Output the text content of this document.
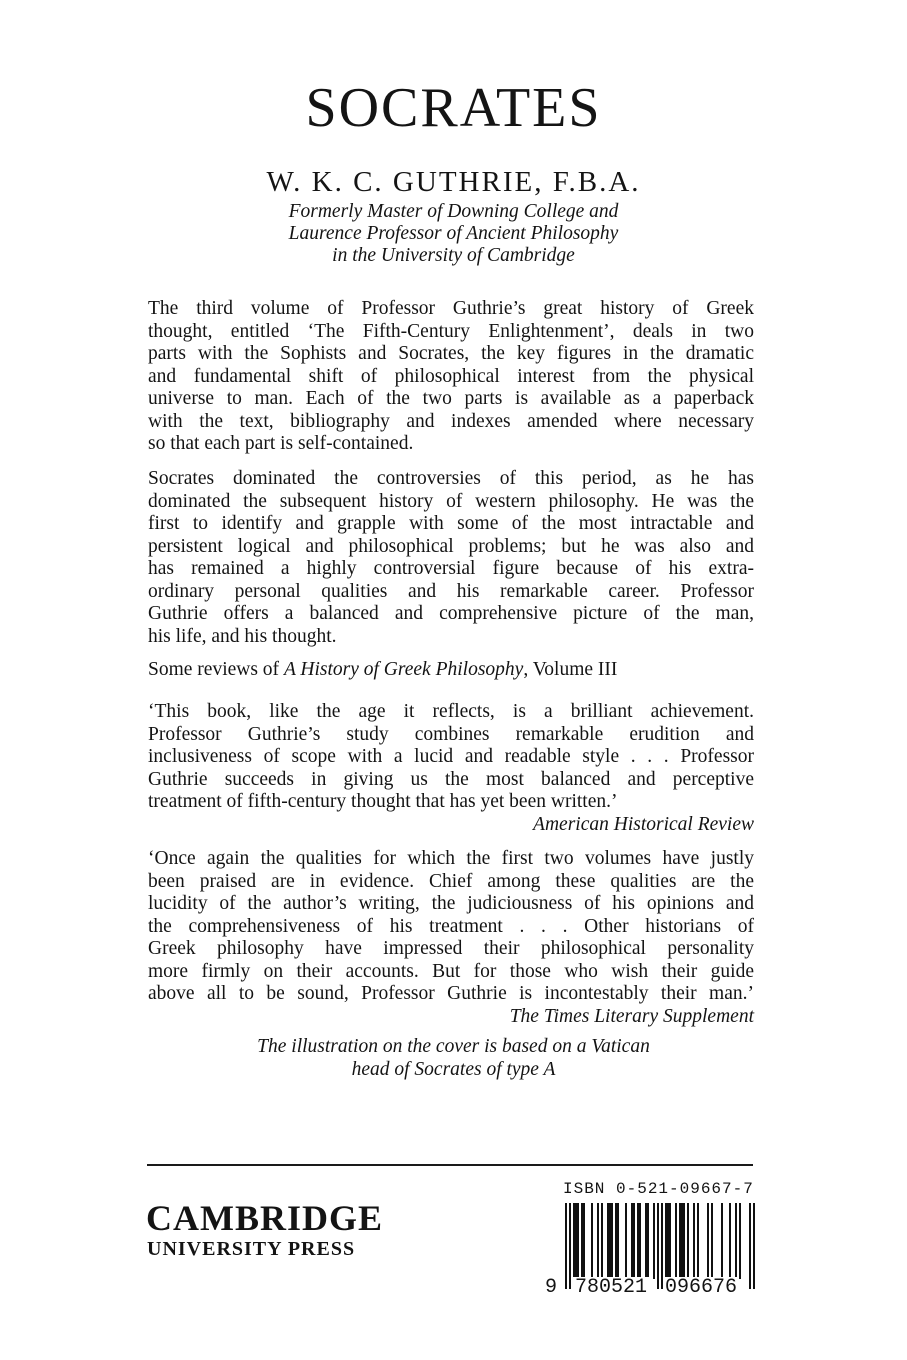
SOCRATES
W. K. C. GUTHRIE, F.B.A.
Formerly Master of Downing College and
Laurence Professor of Ancient Philosophy
in the University of Cambridge
The third volume of Professor Guthrie’s great history of Greek
thought, entitled ‘The Fifth-Century Enlightenment’, deals in two
parts with the Sophists and Socrates, the key figures in the dramatic
and fundamental shift of philosophical interest from the physical
universe to man. Each of the two parts is available as a paperback
with the text, bibliography and indexes amended where necessary
so that each part is self-contained.
Socrates dominated the controversies of this period, as he has
dominated the subsequent history of western philosophy. He was the
first to identify and grapple with some of the most intractable and
persistent logical and philosophical problems; but he was also and
has remained a highly controversial figure because of his extra-
ordinary personal qualities and his remarkable career. Professor
Guthrie offers a balanced and comprehensive picture of the man,
his life, and his thought.
Some reviews of A History of Greek Philosophy, Volume III
‘This book, like the age it reflects, is a brilliant achievement.
Professor Guthrie’s study combines remarkable erudition and
inclusiveness of scope with a lucid and readable style . . . Professor
Guthrie succeeds in giving us the most balanced and perceptive
treatment of fifth-century thought that has yet been written.’
American Historical Review
‘Once again the qualities for which the first two volumes have justly
been praised are in evidence. Chief among these qualities are the
lucidity of the author’s writing, the judiciousness of his opinions and
the comprehensiveness of his treatment . . . Other historians of
Greek philosophy have impressed their philosophical personality
more firmly on their accounts. But for those who wish their guide
above all to be sound, Professor Guthrie is incontestably their man.’
The Times Literary Supplement
The illustration on the cover is based on a Vatican
head of Socrates of type A
CAMBRIDGE
UNIVERSITY PRESS
ISBN 0-521-09667-7
9 780521 096676
